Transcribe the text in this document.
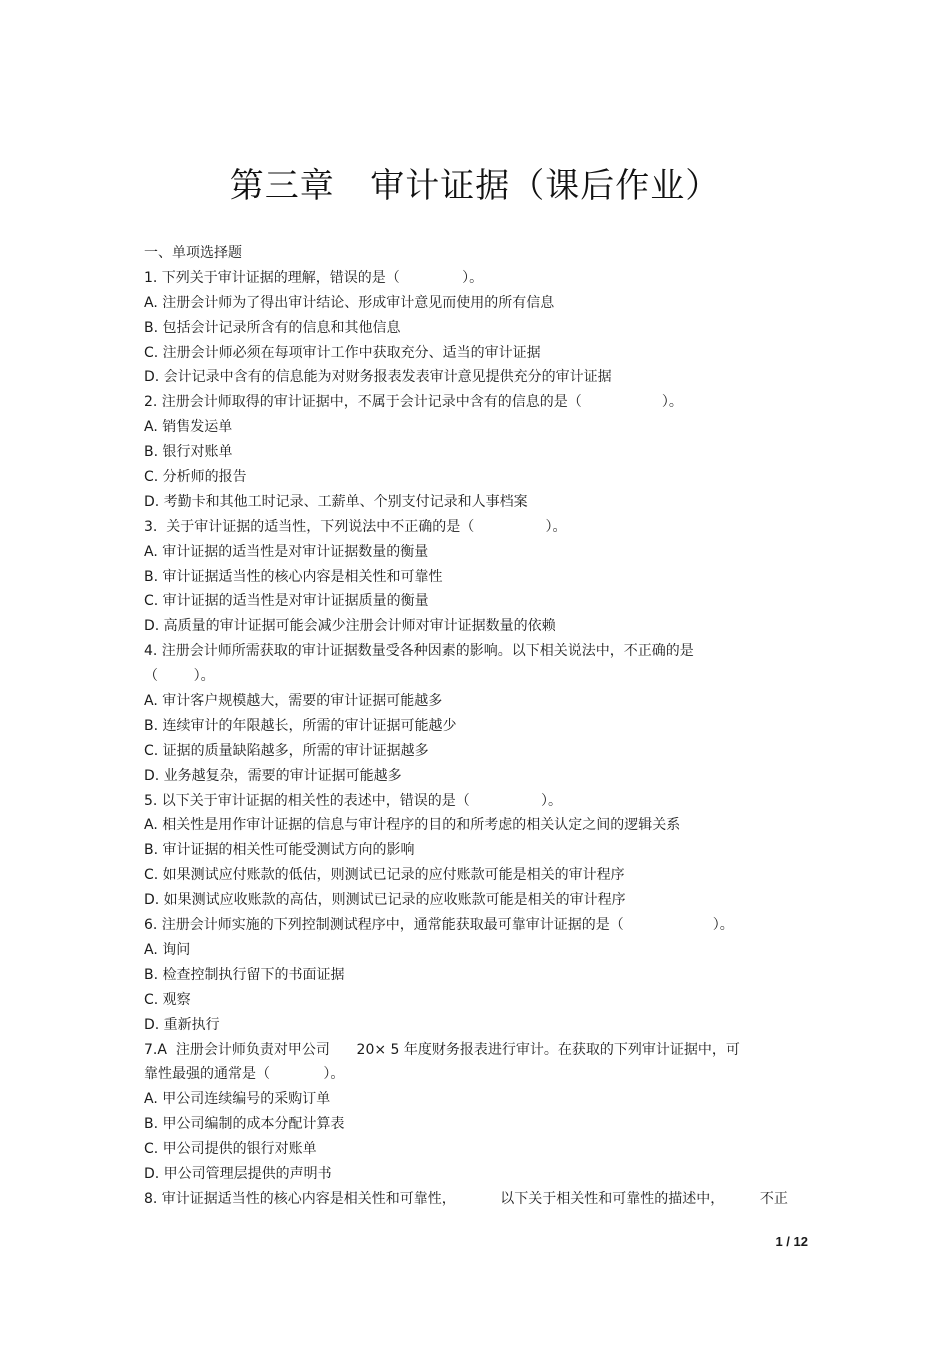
第三章   审计证据（课后作业）
一、单项选择题
1. 下列关于审计证据的理解，错误的是（              ）。
A. 注册会计师为了得出审计结论、形成审计意见而使用的所有信息
B. 包括会计记录所含有的信息和其他信息
C. 注册会计师必须在每项审计工作中获取充分、适当的审计证据
D. 会计记录中含有的信息能为对财务报表发表审计意见提供充分的审计证据
2. 注册会计师取得的审计证据中，不属于会计记录中含有的信息的是（                  ）。
A. 销售发运单
B. 银行对账单
C. 分析师的报告
D. 考勤卡和其他工时记录、工薪单、个别支付记录和人事档案
3.  关于审计证据的适当性，下列说法中不正确的是（                ）。
A. 审计证据的适当性是对审计证据数量的衡量
B. 审计证据适当性的核心内容是相关性和可靠性
C. 审计证据的适当性是对审计证据质量的衡量
D. 高质量的审计证据可能会减少注册会计师对审计证据数量的依赖
4. 注册会计师所需获取的审计证据数量受各种因素的影响。以下相关说法中，不正确的是
（        ）。
A. 审计客户规模越大，需要的审计证据可能越多
B. 连续审计的年限越长，所需的审计证据可能越少
C. 证据的质量缺陷越多，所需的审计证据越多
D. 业务越复杂，需要的审计证据可能越多
5. 以下关于审计证据的相关性的表述中，错误的是（                ）。
A. 相关性是用作审计证据的信息与审计程序的目的和所考虑的相关认定之间的逻辑关系
B. 审计证据的相关性可能受测试方向的影响
C. 如果测试应付账款的低估，则测试已记录的应付账款可能是相关的审计程序
D. 如果测试应收账款的高估，则测试已记录的应收账款可能是相关的审计程序
6. 注册会计师实施的下列控制测试程序中，通常能获取最可靠审计证据的是（                    ）。
A. 询问
B. 检查控制执行留下的书面证据
C. 观察
D. 重新执行
7.A  注册会计师负责对甲公司      20× 5 年度财务报表进行审计。在获取的下列审计证据中，可
靠性最强的通常是（            ）。
A. 甲公司连续编号的采购订单
B. 甲公司编制的成本分配计算表
C. 甲公司提供的银行对账单
D. 甲公司管理层提供的声明书
8. 审计证据适当性的核心内容是相关性和可靠性，          以下关于相关性和可靠性的描述中，        不正
1 / 12
